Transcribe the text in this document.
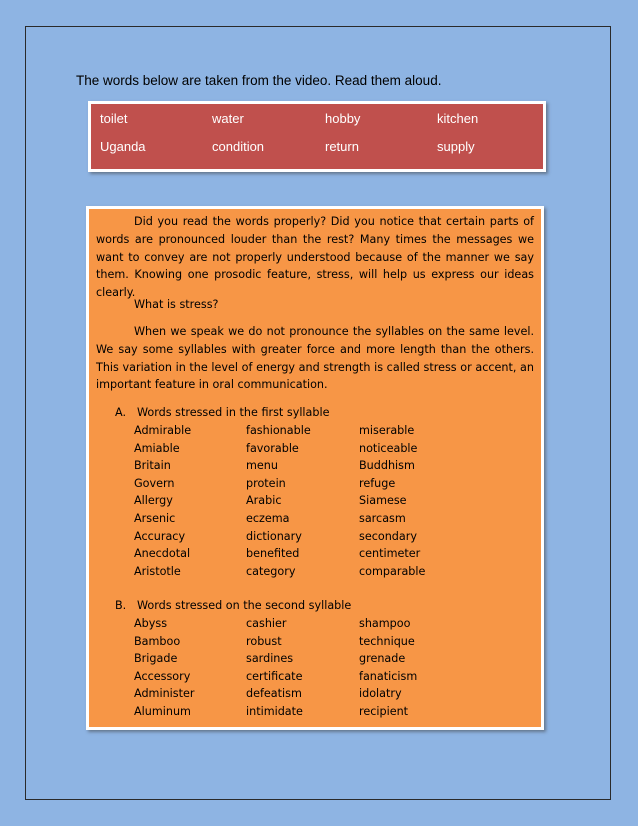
The words below are taken from the video. Read them aloud.
toilet	water	hobby	kitchen
Uganda	condition	return	supply

Did you read the words properly? Did you notice that certain parts of words are pronounced louder than the rest? Many times the messages we want to convey are not properly understood because of the manner we say them. Knowing one prosodic feature, stress, will help us express our ideas clearly.

What is stress?

When we speak we do not pronounce the syllables on the same level. We say some syllables with greater force and more length than the others. This variation in the level of energy and strength is called stress or accent, an important feature in oral communication.

A. Words stressed in the first syllable
Admirable	fashionable	miserable
Amiable	favorable	noticeable
Britain	menu	Buddhism
Govern	protein	refuge
Allergy	Arabic	Siamese
Arsenic	eczema	sarcasm
Accuracy	dictionary	secondary
Anecdotal	benefited	centimeter
Aristotle	category	comparable
B. Words stressed on the second syllable
Abyss	cashier	shampoo
Bamboo	robust	technique
Brigade	sardines	grenade
Accessory	certificate	fanaticism
Administer	defeatism	idolatry
Aluminum	intimidate	recipient
